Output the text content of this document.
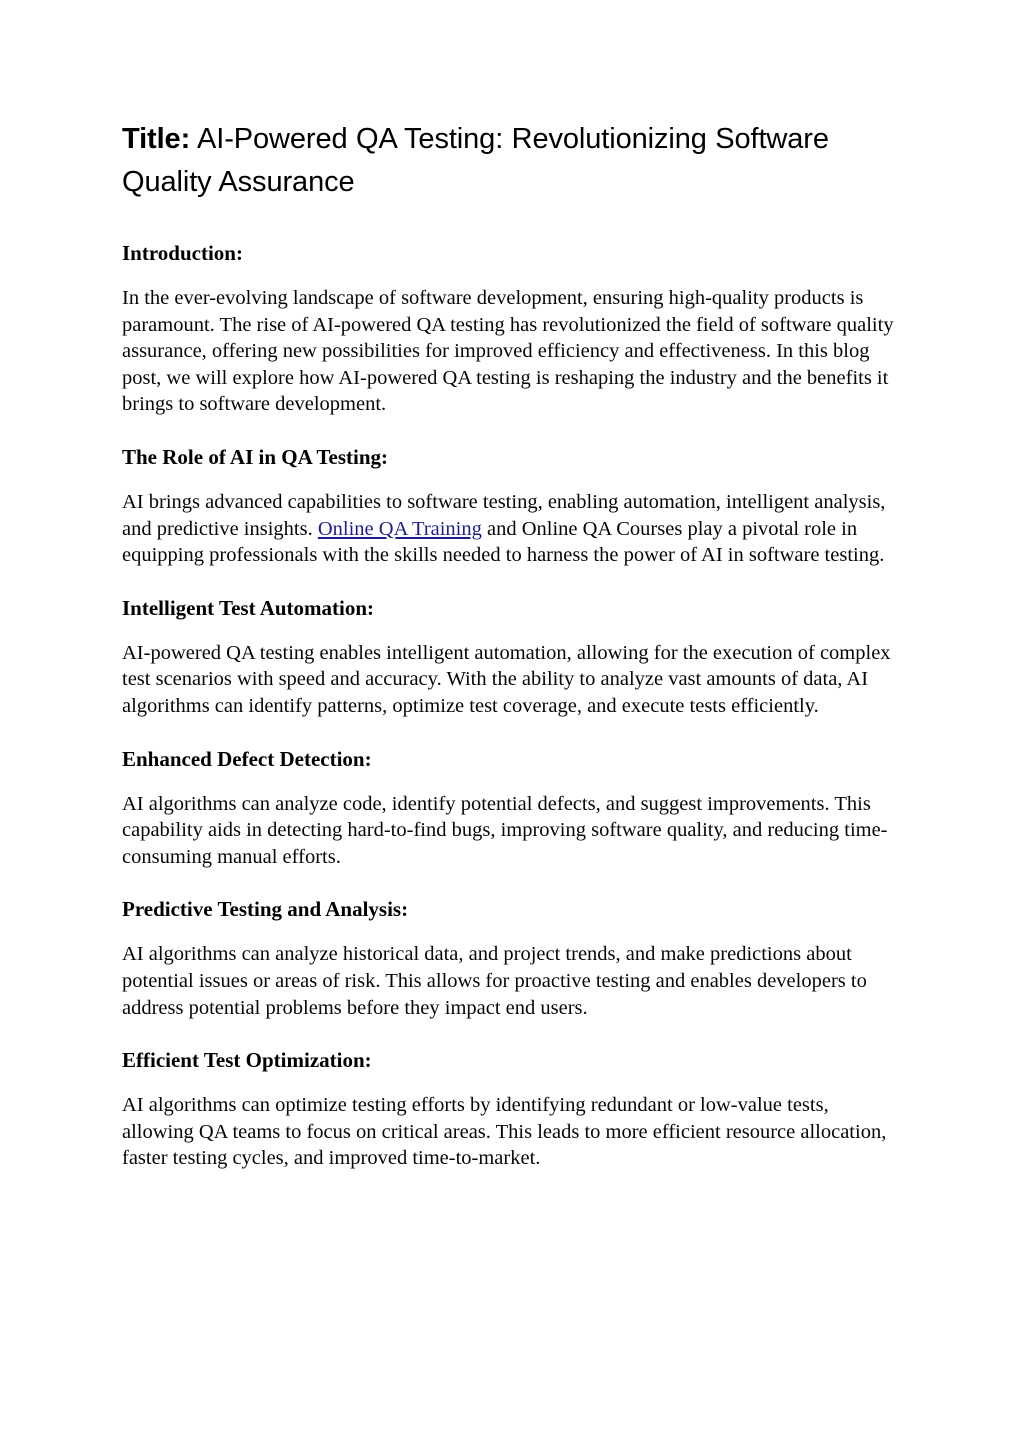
Title: AI-Powered QA Testing: Revolutionizing Software Quality Assurance
Introduction:

In the ever-evolving landscape of software development, ensuring high-quality products is paramount. The rise of AI-powered QA testing has revolutionized the field of software quality assurance, offering new possibilities for improved efficiency and effectiveness. In this blog post, we will explore how AI-powered QA testing is reshaping the industry and the benefits it brings to software development.

The Role of AI in QA Testing:

AI brings advanced capabilities to software testing, enabling automation, intelligent analysis, and predictive insights. Online QA Training and Online QA Courses play a pivotal role in equipping professionals with the skills needed to harness the power of AI in software testing.

Intelligent Test Automation:

AI-powered QA testing enables intelligent automation, allowing for the execution of complex test scenarios with speed and accuracy. With the ability to analyze vast amounts of data, AI algorithms can identify patterns, optimize test coverage, and execute tests efficiently.

Enhanced Defect Detection:

AI algorithms can analyze code, identify potential defects, and suggest improvements. This capability aids in detecting hard-to-find bugs, improving software quality, and reducing time-consuming manual efforts.

Predictive Testing and Analysis:

AI algorithms can analyze historical data, and project trends, and make predictions about potential issues or areas of risk. This allows for proactive testing and enables developers to address potential problems before they impact end users.

Efficient Test Optimization:

AI algorithms can optimize testing efforts by identifying redundant or low-value tests, allowing QA teams to focus on critical areas. This leads to more efficient resource allocation, faster testing cycles, and improved time-to-market.
